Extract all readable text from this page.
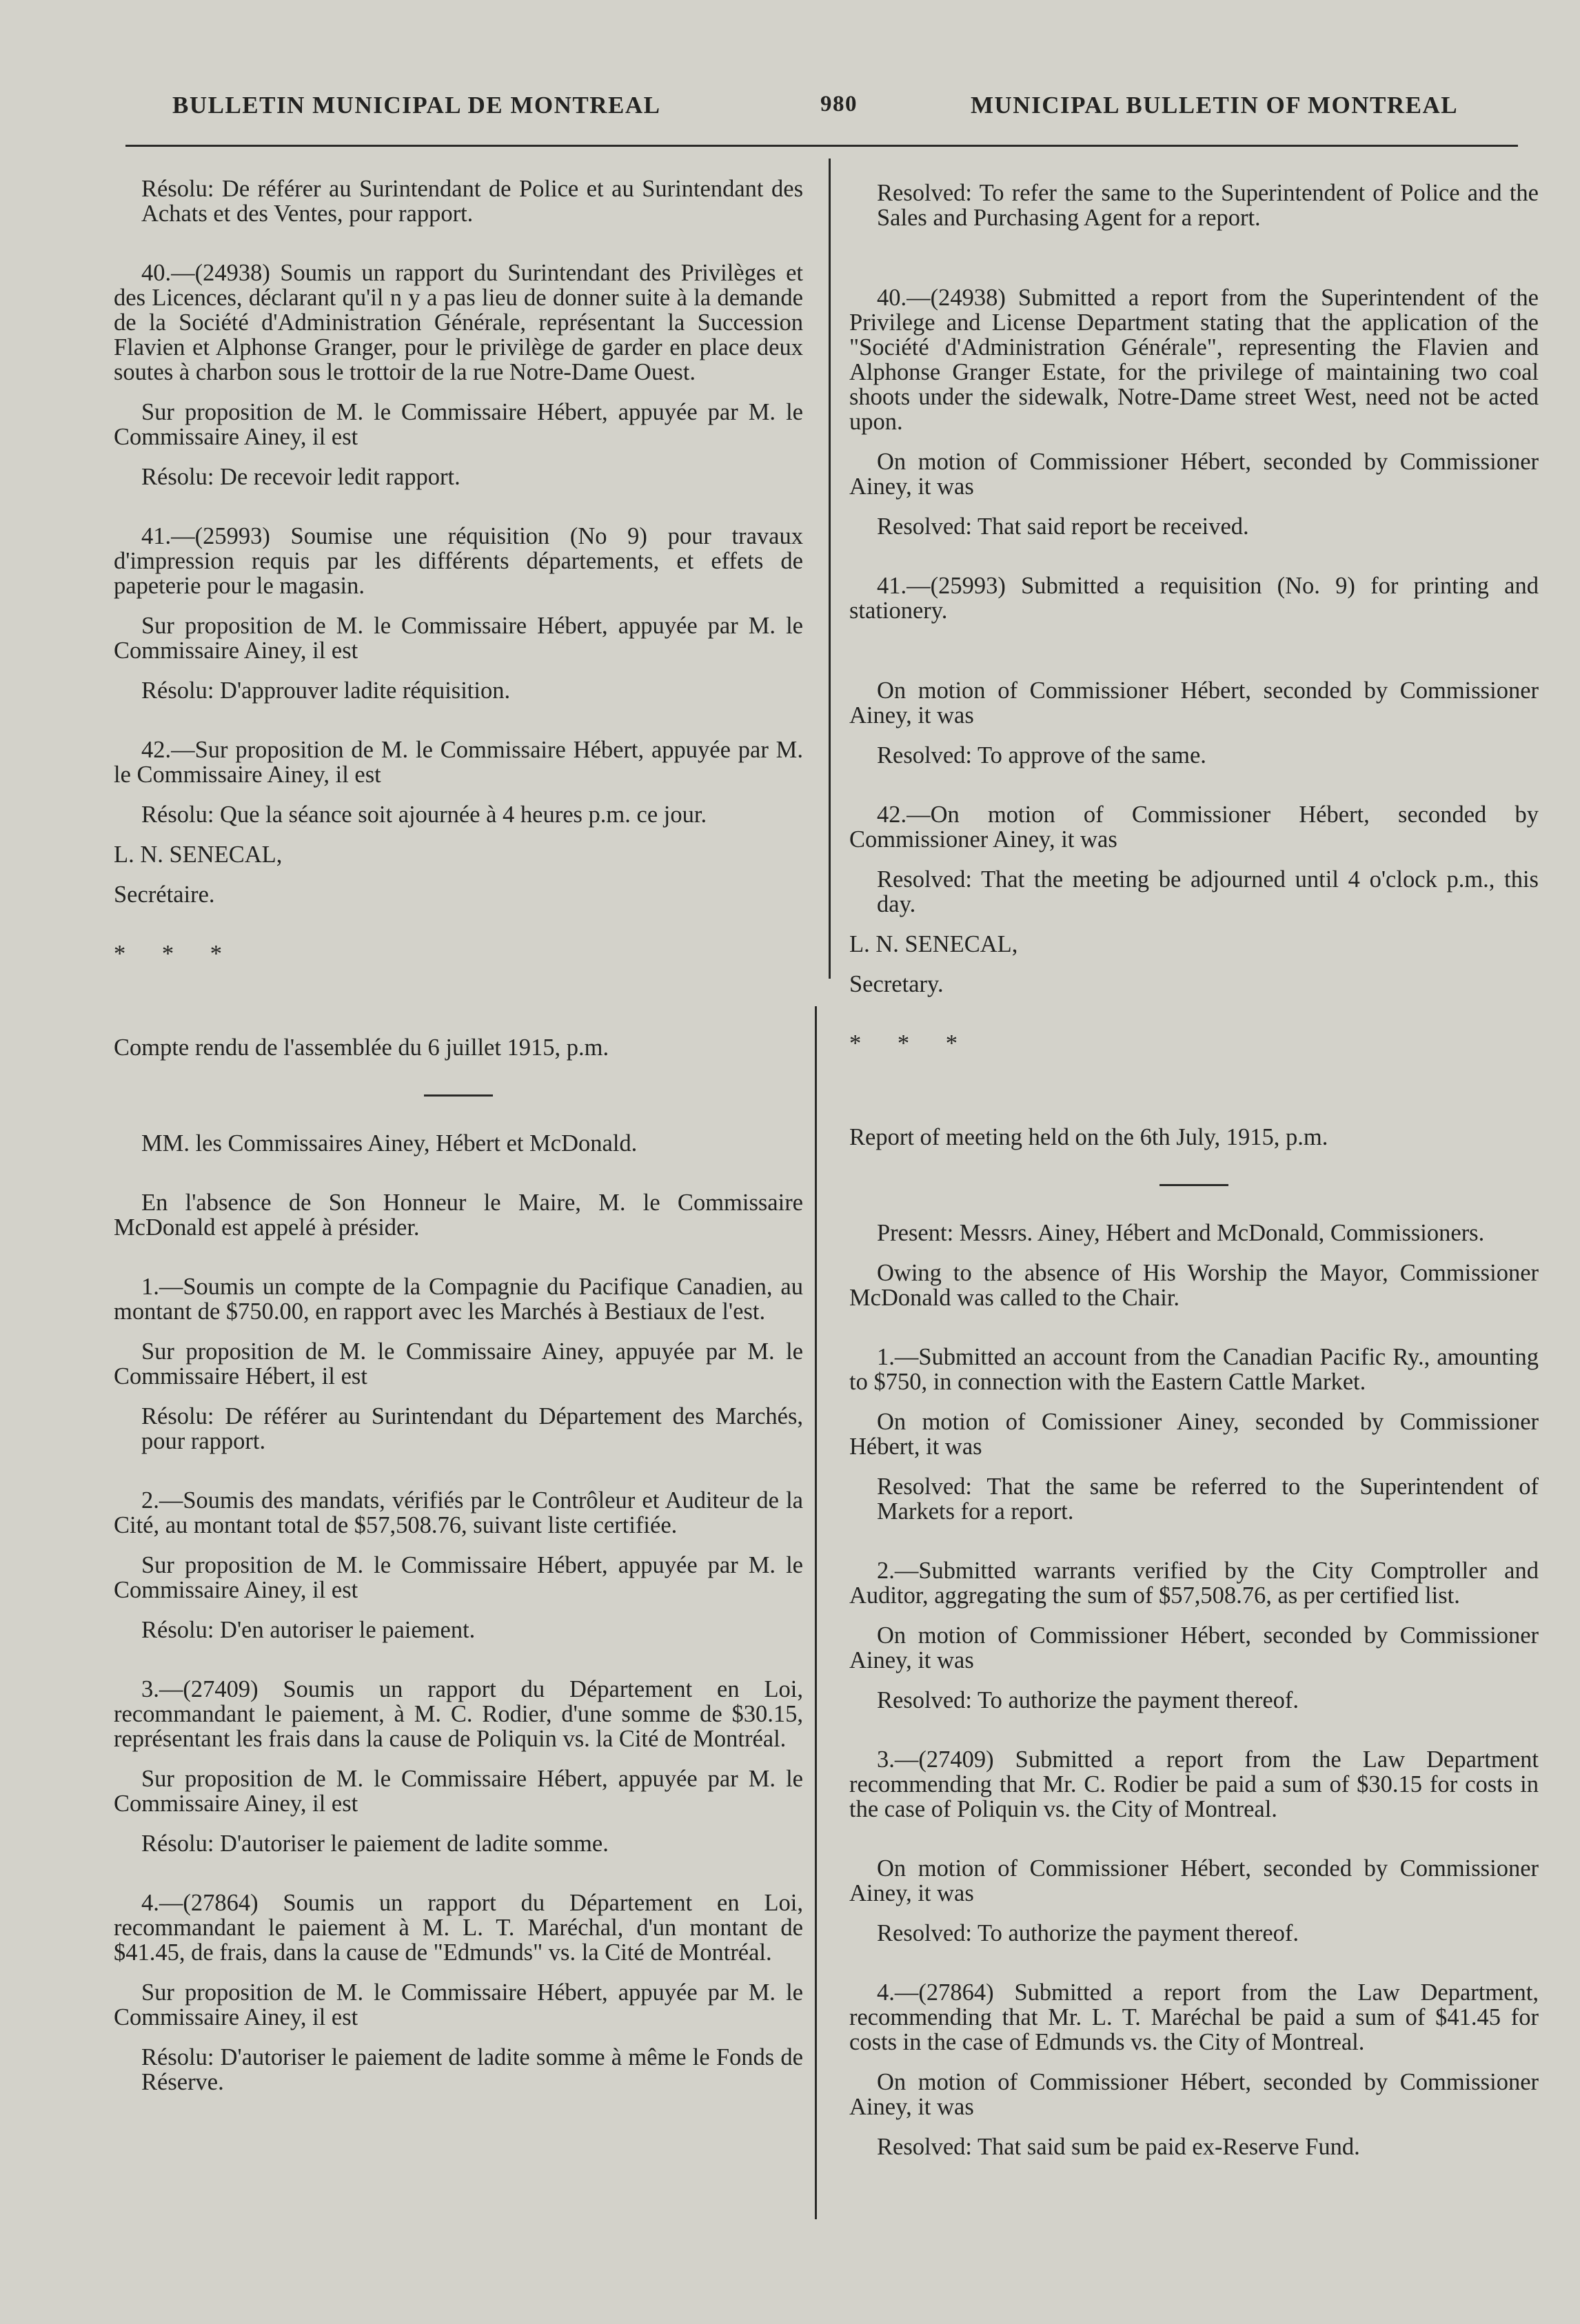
BULLETIN MUNICIPAL DE MONTREAL	980	MUNICIPAL BULLETIN OF MONTREAL

Résolu: De référer au Surintendant de Police et au Surintendant des Achats et des Ventes, pour rapport.

40.—(24938) Soumis un rapport du Surintendant des Privilèges et des Licences, déclarant qu'il n y a pas lieu de donner suite à la demande de la Société d'Administration Générale, représentant la Succession Flavien et Alphonse Granger, pour le privilège de garder en place deux soutes à charbon sous le trottoir de la rue Notre-Dame Ouest.

Sur proposition de M. le Commissaire Hébert, appuyée par M. le Commissaire Ainey, il est

Résolu: De recevoir ledit rapport.

41.—(25993) Soumise une réquisition (No 9) pour travaux d'impression requis par les différents départements, et effets de papeterie pour le magasin.

Sur proposition de M. le Commissaire Hébert, appuyée par M. le Commissaire Ainey, il est

Résolu: D'approuver ladite réquisition.

42.—Sur proposition de M. le Commissaire Hébert, appuyée par M. le Commissaire Ainey, il est

Résolu: Que la séance soit ajournée à 4 heures p.m. ce jour.

L. N. SENECAL,

Secrétaire.

* * *

Compte rendu de l'assemblée du 6 juillet 1915, p.m.

MM. les Commissaires Ainey, Hébert et McDonald.

En l'absence de Son Honneur le Maire, M. le Commissaire McDonald est appelé à présider.

1.—Soumis un compte de la Compagnie du Pacifique Canadien, au montant de $750.00, en rapport avec les Marchés à Bestiaux de l'est.

Sur proposition de M. le Commissaire Ainey, appuyée par M. le Commissaire Hébert, il est

Résolu: De référer au Surintendant du Département des Marchés, pour rapport.

2.—Soumis des mandats, vérifiés par le Contrôleur et Auditeur de la Cité, au montant total de $57,508.76, suivant liste certifiée.

Sur proposition de M. le Commissaire Hébert, appuyée par M. le Commissaire Ainey, il est

Résolu: D'en autoriser le paiement.

3.—(27409) Soumis un rapport du Département en Loi, recommandant le paiement, à M. C. Rodier, d'une somme de $30.15, représentant les frais dans la cause de Poliquin vs. la Cité de Montréal.

Sur proposition de M. le Commissaire Hébert, appuyée par M. le Commissaire Ainey, il est

Résolu: D'autoriser le paiement de ladite somme.

4.—(27864) Soumis un rapport du Département en Loi, recommandant le paiement à M. L. T. Maréchal, d'un montant de $41.45, de frais, dans la cause de "Edmunds" vs. la Cité de Montréal.

Sur proposition de M. le Commissaire Hébert, appuyée par M. le Commissaire Ainey, il est

Résolu: D'autoriser le paiement de ladite somme à même le Fonds de Réserve.

Resolved: To refer the same to the Superintendent of Police and the Sales and Purchasing Agent for a report.

40.—(24938) Submitted a report from the Superintendent of the Privilege and License Department stating that the application of the "Société d'Administration Générale", representing the Flavien and Alphonse Granger Estate, for the privilege of maintaining two coal shoots under the sidewalk, Notre-Dame street West, need not be acted upon.

On motion of Commissioner Hébert, seconded by Commissioner Ainey, it was

Resolved: That said report be received.

41.—(25993) Submitted a requisition (No. 9) for printing and stationery.

On motion of Commissioner Hébert, seconded by Commissioner Ainey, it was

Resolved: To approve of the same.

42.—On motion of Commissioner Hébert, seconded by Commissioner Ainey, it was

Resolved: That the meeting be adjourned until 4 o'clock p.m., this day.

L. N. SENECAL,

Secretary.

* * *

Report of meeting held on the 6th July, 1915, p.m.

Present: Messrs. Ainey, Hébert and McDonald, Commissioners.

Owing to the absence of His Worship the Mayor, Commissioner McDonald was called to the Chair.

1.—Submitted an account from the Canadian Pacific Ry., amounting to $750, in connection with the Eastern Cattle Market.

On motion of Comissioner Ainey, seconded by Commissioner Hébert, it was

Resolved: That the same be referred to the Superintendent of Markets for a report.

2.—Submitted warrants verified by the City Comptroller and Auditor, aggregating the sum of $57,508.76, as per certified list.

On motion of Commissioner Hébert, seconded by Commissioner Ainey, it was

Resolved: To authorize the payment thereof.

3.—(27409) Submitted a report from the Law Department recommending that Mr. C. Rodier be paid a sum of $30.15 for costs in the case of Poliquin vs. the City of Montreal.

On motion of Commissioner Hébert, seconded by Commissioner Ainey, it was

Resolved: To authorize the payment thereof.

4.—(27864) Submitted a report from the Law Department, recommending that Mr. L. T. Maréchal be paid a sum of $41.45 for costs in the case of Edmunds vs. the City of Montreal.

On motion of Commissioner Hébert, seconded by Commissioner Ainey, it was

Resolved: That said sum be paid ex-Reserve Fund.
